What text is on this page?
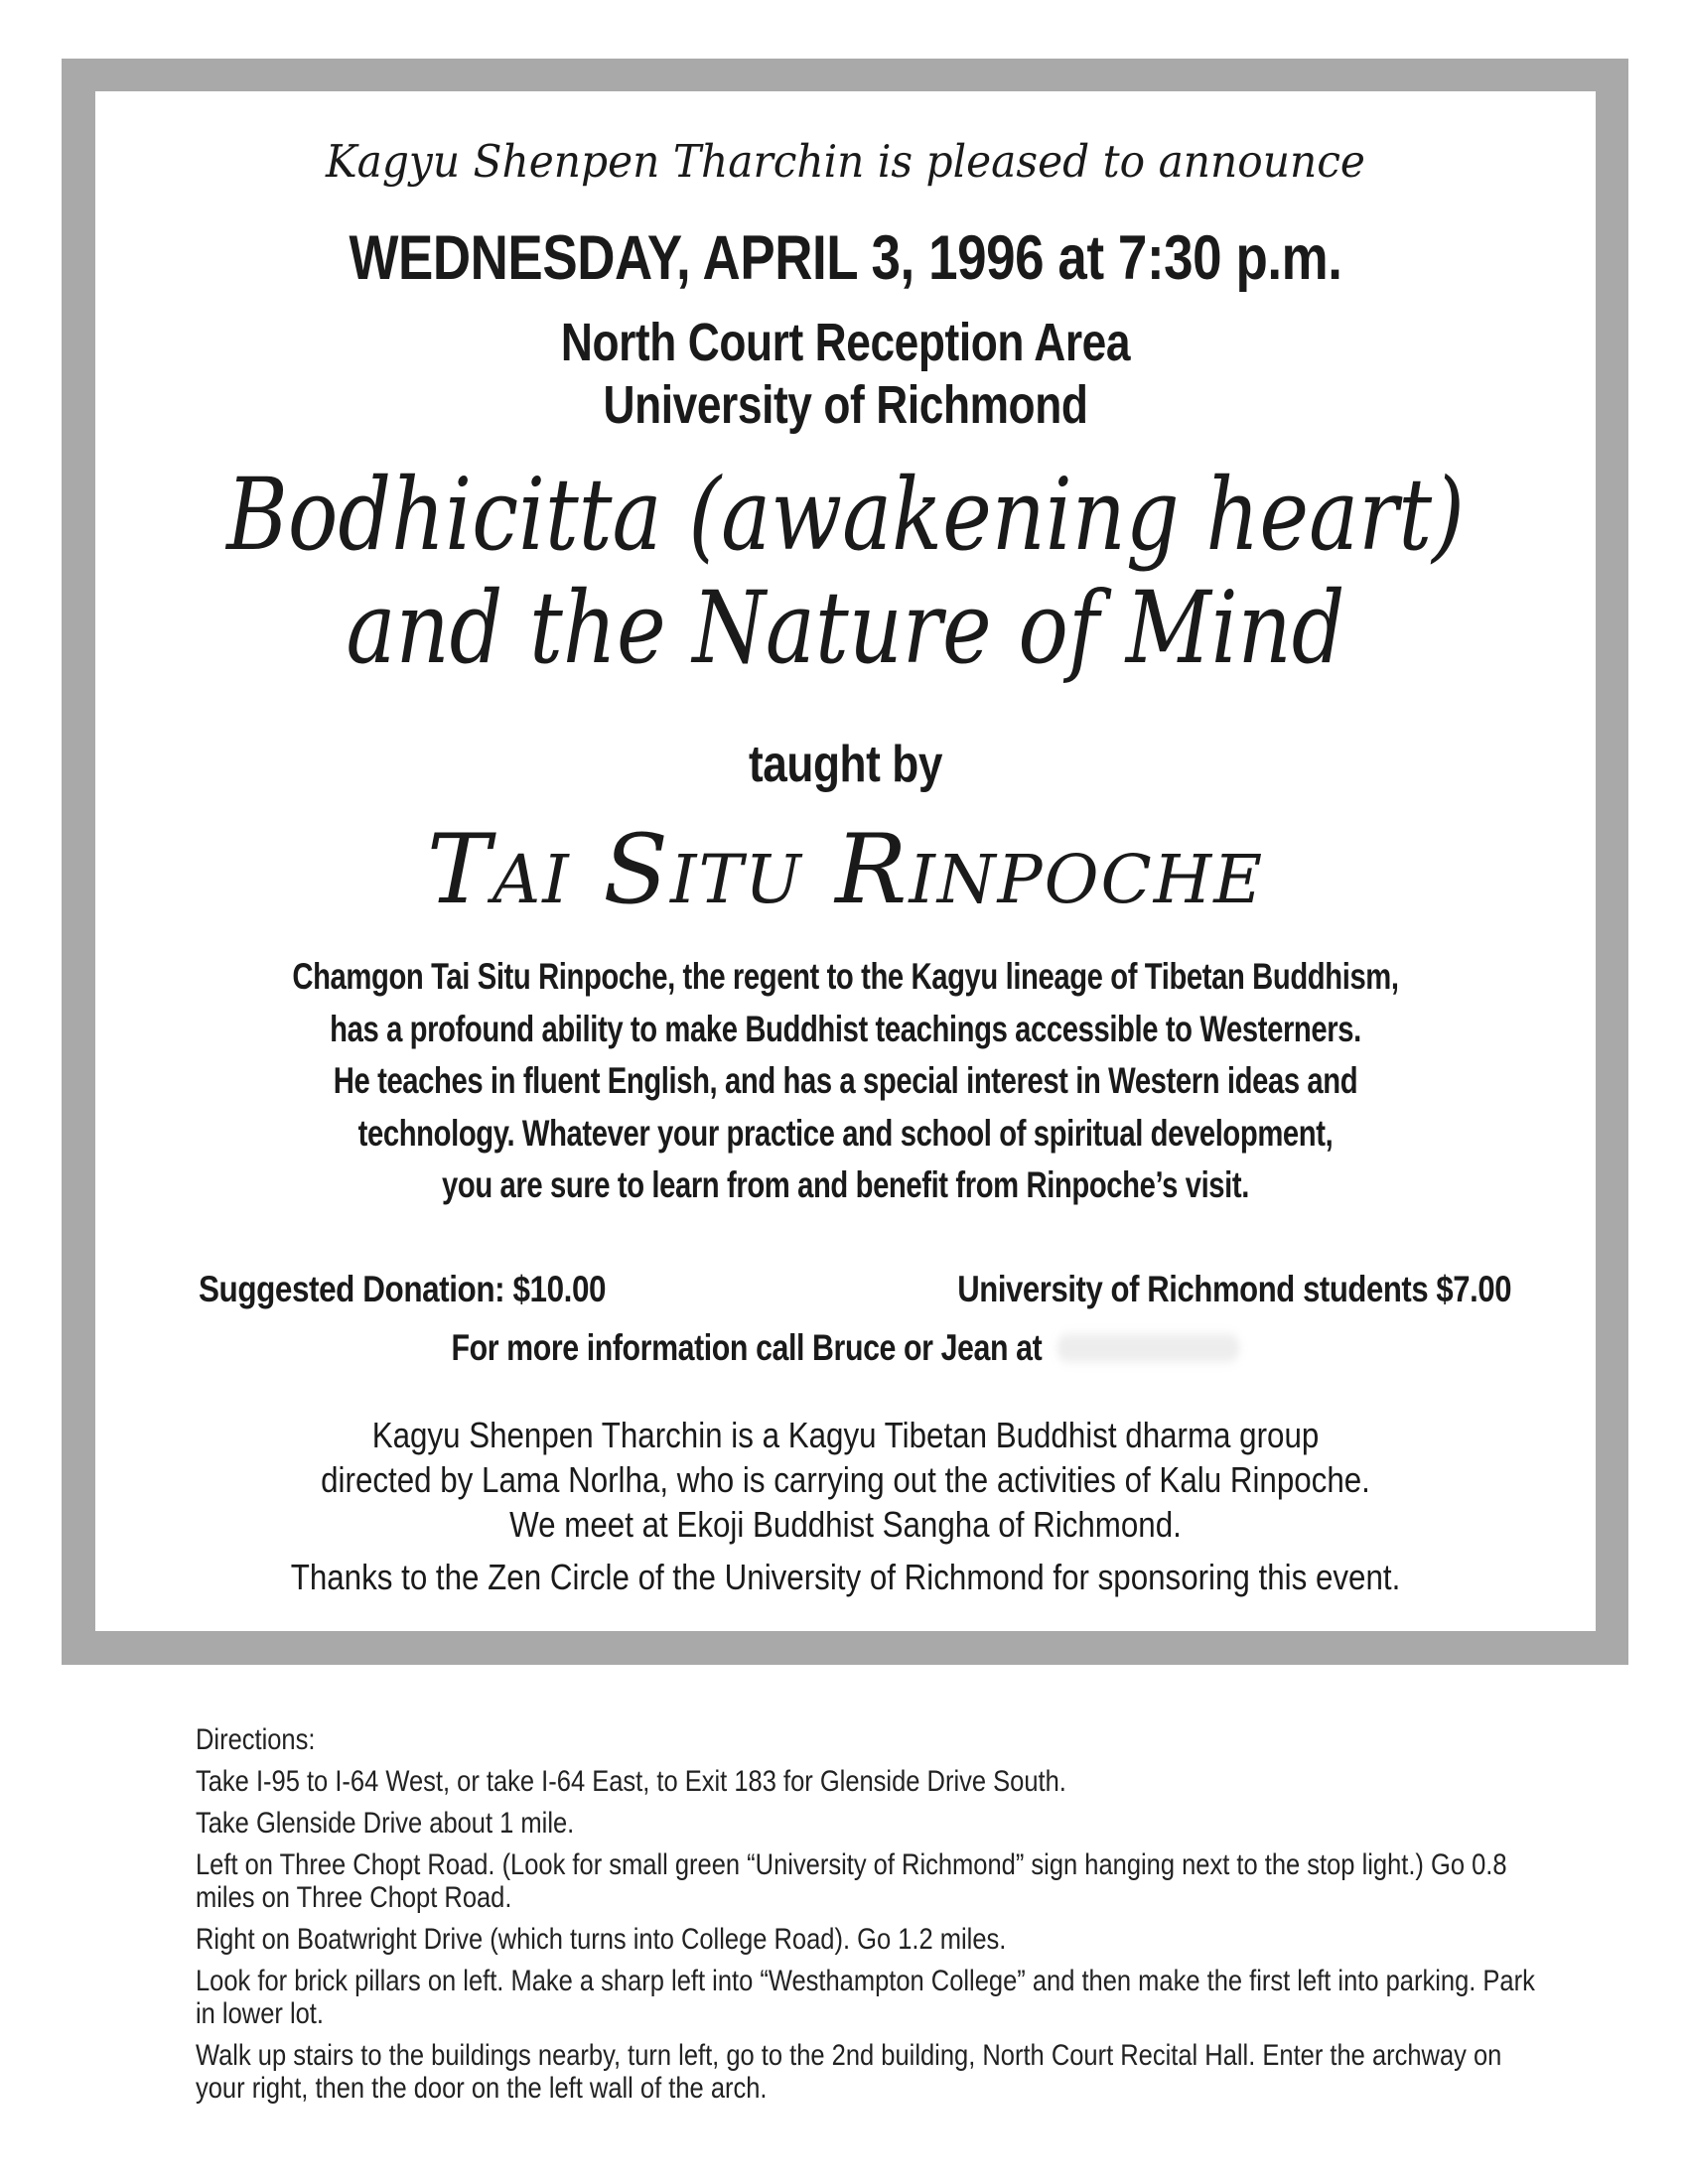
Kagyu Shenpen Tharchin is pleased to announce
WEDNESDAY, APRIL 3, 1996 at 7:30 p.m.
North Court Reception Area
University of Richmond
Bodhicitta (awakening heart)
and the Nature of Mind
taught by
Tai Situ Rinpoche
Chamgon Tai Situ Rinpoche, the regent to the Kagyu lineage of Tibetan Buddhism,
has a profound ability to make Buddhist teachings accessible to Westerners.
He teaches in fluent English, and has a special interest in Western ideas and
technology. Whatever your practice and school of spiritual development,
you are sure to learn from and benefit from Rinpoche’s visit.
Suggested Donation: $10.00	University of Richmond students $7.00
For more information call Bruce or Jean at
Kagyu Shenpen Tharchin is a Kagyu Tibetan Buddhist dharma group
directed by Lama Norlha, who is carrying out the activities of Kalu Rinpoche.
We meet at Ekoji Buddhist Sangha of Richmond.
Thanks to the Zen Circle of the University of Richmond for sponsoring this event.

Directions:

Take I-95 to I-64 West, or take I-64 East, to Exit 183 for Glenside Drive South.

Take Glenside Drive about 1 mile.

Left on Three Chopt Road. (Look for small green “University of Richmond” sign hanging next to the stop light.) Go 0.8 miles on Three Chopt Road.

Right on Boatwright Drive (which turns into College Road). Go 1.2 miles.

Look for brick pillars on left. Make a sharp left into “Westhampton College” and then make the first left into parking. Park in lower lot.

Walk up stairs to the buildings nearby, turn left, go to the 2nd building, North Court Recital Hall. Enter the archway on your right, then the door on the left wall of the arch.
